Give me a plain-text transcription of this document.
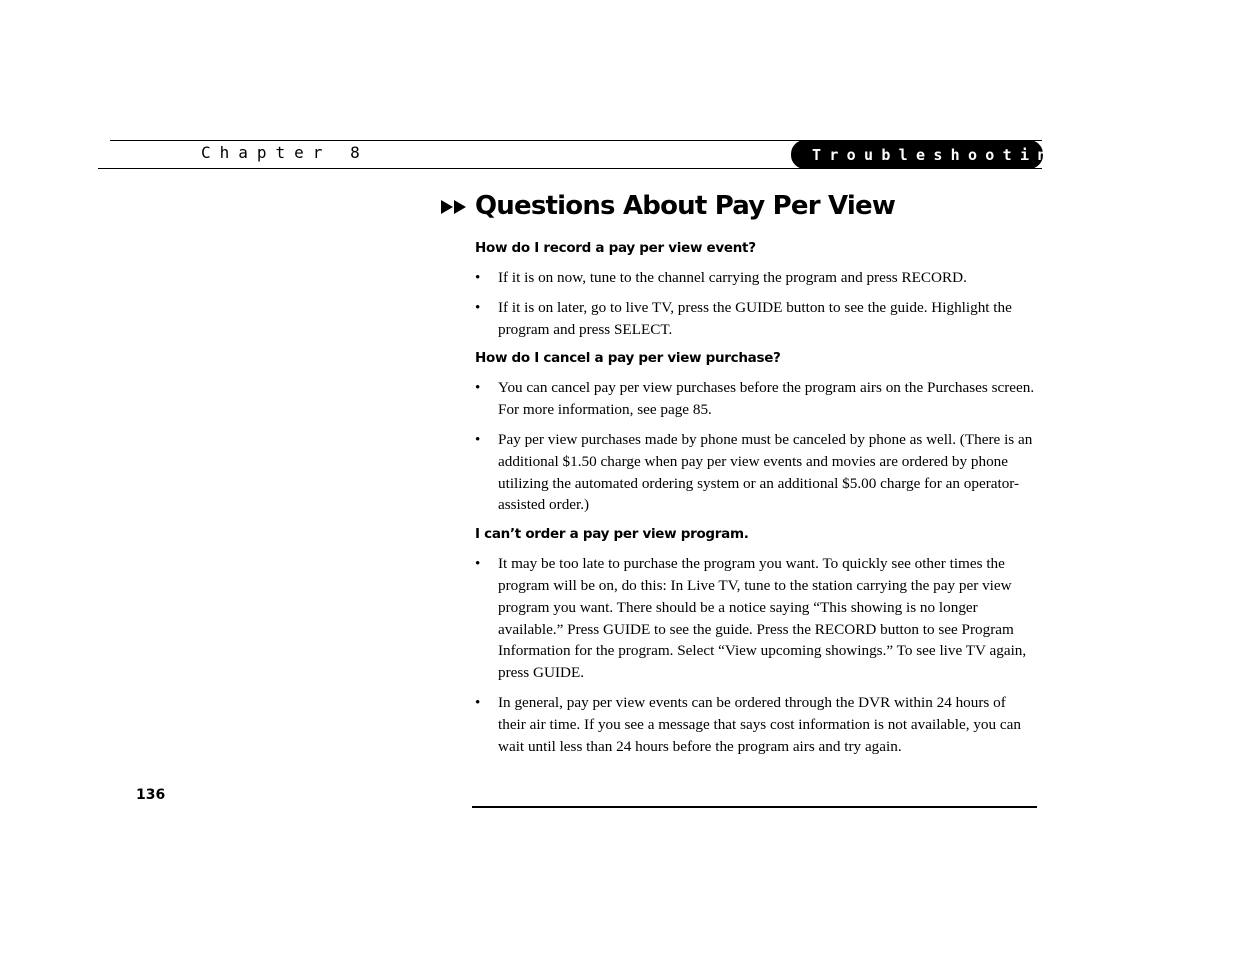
Chapter 8	Troubleshooting
Questions About Pay Per View
How do I record a pay per view event?
• If it is on now, tune to the channel carrying the program and press RECORD.
• If it is on later, go to live TV, press the GUIDE button to see the guide. Highlight the program and press SELECT.
How do I cancel a pay per view purchase?
• You can cancel pay per view purchases before the program airs on the Purchases screen. For more information, see page 85.
• Pay per view purchases made by phone must be canceled by phone as well. (There is an additional $1.50 charge when pay per view events and movies are ordered by phone utilizing the automated ordering system or an additional $5.00 charge for an operator-assisted order.)
I can’t order a pay per view program.
• It may be too late to purchase the program you want. To quickly see other times the program will be on, do this: In Live TV, tune to the station carrying the pay per view program you want. There should be a notice saying “This showing is no longer available.” Press GUIDE to see the guide. Press the RECORD button to see Program Information for the program. Select “View upcoming showings.” To see live TV again, press GUIDE.
• In general, pay per view events can be ordered through the DVR within 24 hours of their air time. If you see a message that says cost information is not available, you can wait until less than 24 hours before the program airs and try again.
136
